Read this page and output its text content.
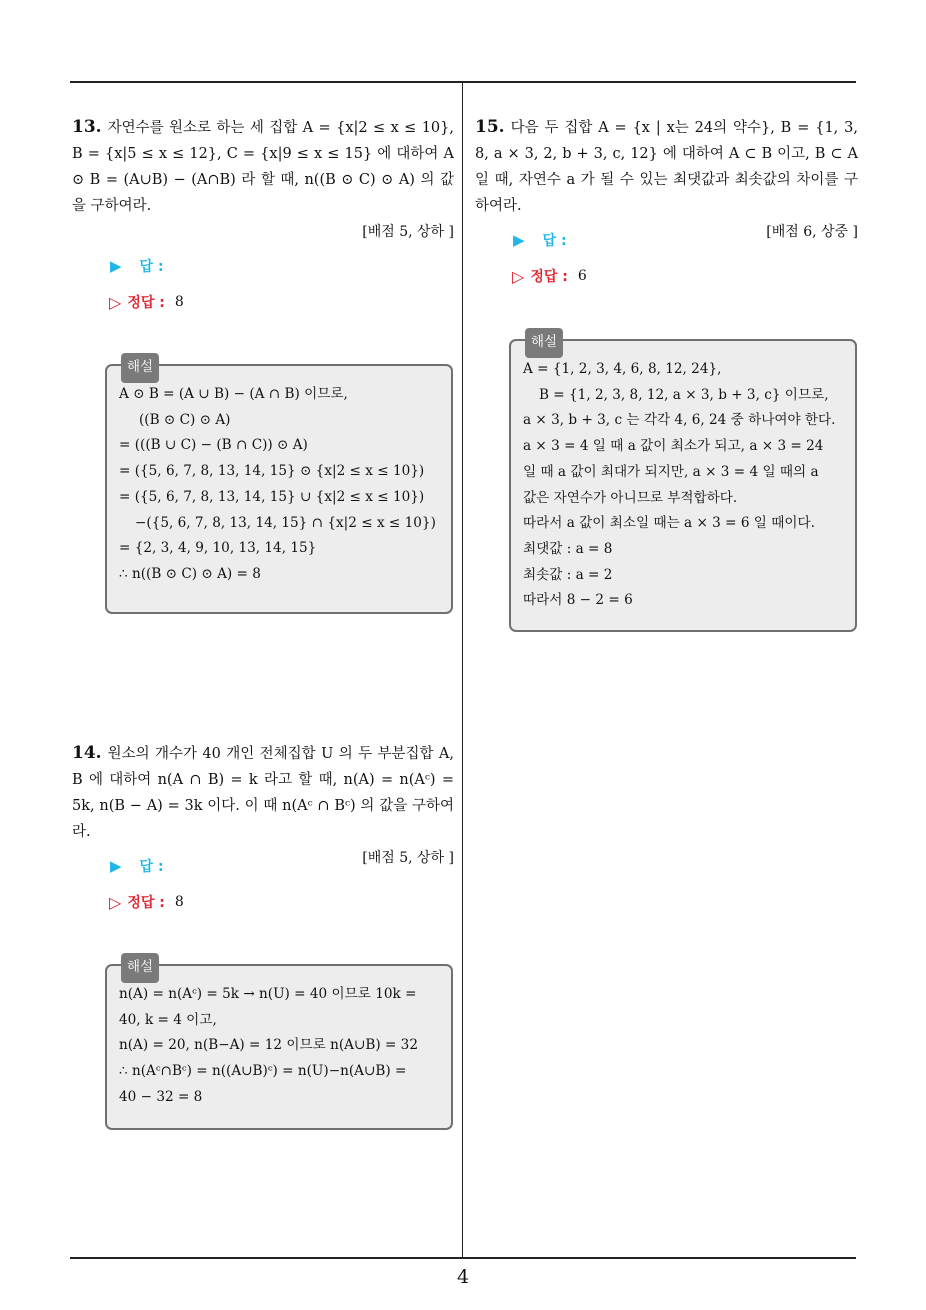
13. 자연수를 원소로 하는 세 집합 A = {x|2 ≤ x ≤ 10}, B = {x|5 ≤ x ≤ 12}, C = {x|9 ≤ x ≤ 15} 에 대하여 A ⊙ B = (A∪B) − (A∩B) 라 할 때, n((B ⊙ C) ⊙ A) 의 값을 구하여라.

[배점 5, 상하 ]

▶ 답 :
▷ 정답 : 8
해설
A ⊙ B = (A ∪ B) − (A ∩ B) 이므로,
((B ⊙ C) ⊙ A)
= (((B ∪ C) − (B ∩ C)) ⊙ A)
= ({5, 6, 7, 8, 13, 14, 15} ⊙ {x|2 ≤ x ≤ 10})
= ({5, 6, 7, 8, 13, 14, 15} ∪ {x|2 ≤ x ≤ 10})
−({5, 6, 7, 8, 13, 14, 15} ∩ {x|2 ≤ x ≤ 10})
= {2, 3, 4, 9, 10, 13, 14, 15}
∴ n((B ⊙ C) ⊙ A) = 8

14. 원소의 개수가 40 개인 전체집합 U 의 두 부분집합 A, B 에 대하여 n(A ∩ B) = k 라고 할 때, n(A) = n(Aᶜ) = 5k, n(B − A) = 3k 이다. 이 때 n(Aᶜ ∩ Bᶜ) 의 값을 구하여라.

[배점 5, 상하 ]

▶ 답 :
▷ 정답 : 8
해설
n(A) = n(Aᶜ) = 5k → n(U) = 40 이므로 10k =
40, k = 4 이고,
n(A) = 20, n(B−A) = 12 이므로 n(A∪B) = 32
∴ n(Aᶜ∩Bᶜ) = n((A∪B)ᶜ) = n(U)−n(A∪B) =
40 − 32 = 8

15. 다음 두 집합 A = {x | x는 24의 약수}, B = {1, 3, 8, a × 3, 2, b + 3, c, 12} 에 대하여 A ⊂ B 이고, B ⊂ A 일 때, 자연수 a 가 될 수 있는 최댓값과 최솟값의 차이를 구하여라.

[배점 6, 상중 ]

▶ 답 :
▷ 정답 : 6
해설
A = {1, 2, 3, 4, 6, 8, 12, 24},
B = {1, 2, 3, 8, 12, a × 3, b + 3, c} 이므로,
a × 3, b + 3, c 는 각각 4, 6, 24 중 하나여야 한다.
a × 3 = 4 일 때 a 값이 최소가 되고, a × 3 = 24
일 때 a 값이 최대가 되지만, a × 3 = 4 일 때의 a
값은 자연수가 아니므로 부적합하다.
따라서 a 값이 최소일 때는 a × 3 = 6 일 때이다.
최댓값 : a = 8
최솟값 : a = 2
따라서 8 − 2 = 6
4
